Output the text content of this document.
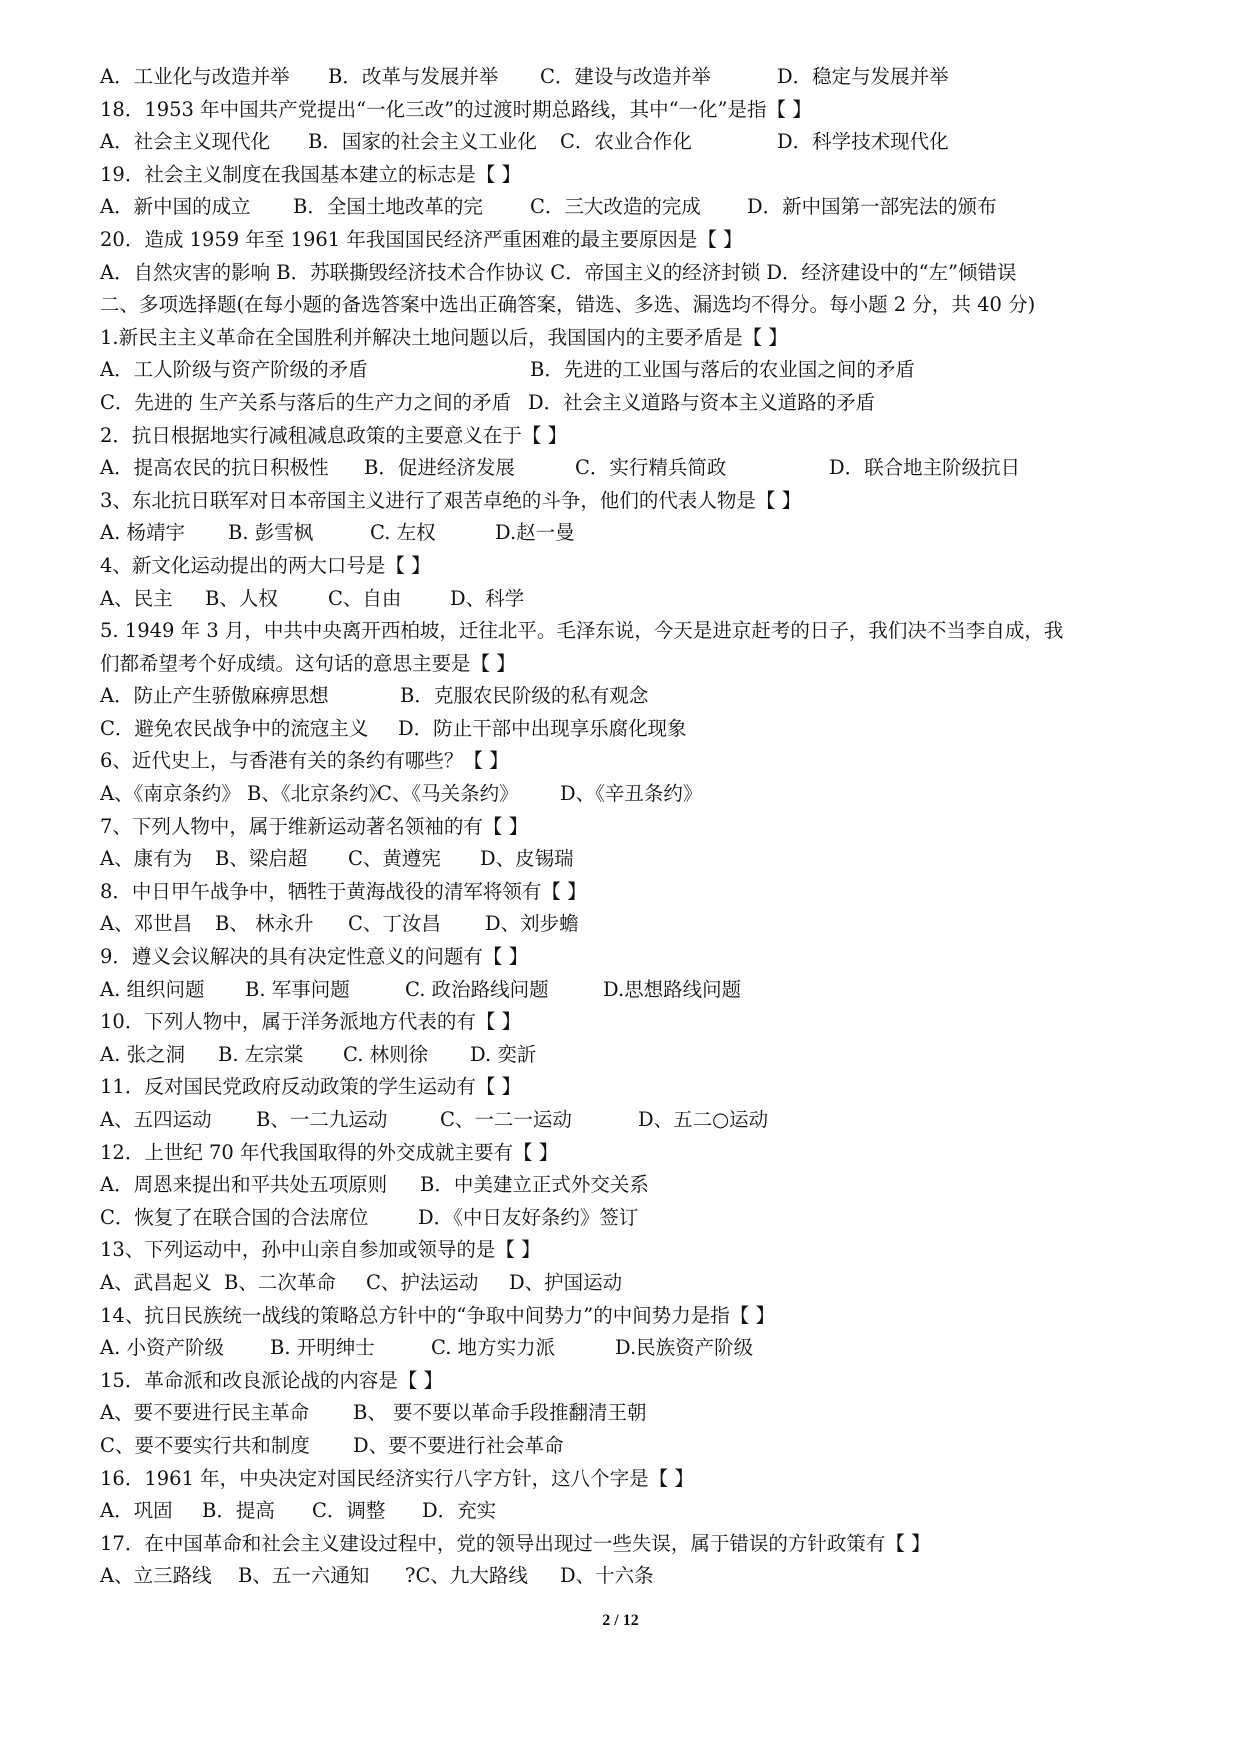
A．工业化与改造并举 B．改革与发展并举 C．建设与改造并举	D．稳定与发展并举
18．1953 年中国共产党提出“一化三改”的过渡时期总路线，其中“一化”是指【 】
A．社会主义现代化 B．国家的社会主义工业化 C．农业合作化	D．科学技术现代化
19．社会主义制度在我国基本建立的标志是【 】
A．新中国的成立 B．全国土地改革的完 C．三大改造的完成 D．新中国第一部宪法的颁布
20．造成 1959 年至 1961 年我国国民经济严重困难的最主要原因是【 】
A．自然灾害的影响 B．苏联撕毁经济技术合作协议 C．帝国主义的经济封锁 D．经济建设中的“左”倾错误
二、多项选择题(在每小题的备选答案中选出正确答案，错选、多选、漏选均不得分。每小题 2 分，共 40 分)
1.新民主主义革命在全国胜利并解决土地问题以后，我国国内的主要矛盾是【 】
A．工人阶级与资产阶级的矛盾	B．先进的工业国与落后的农业国之间的矛盾
C．先进的 生产关系与落后的生产力之间的矛盾 D．社会主义道路与资本主义道路的矛盾
2．抗日根据地实行减租减息政策的主要意义在于【 】
A．提高农民的抗日积极性 B．促进经济发展	C．实行精兵简政	D．联合地主阶级抗日
3、东北抗日联军对日本帝国主义进行了艰苦卓绝的斗争，他们的代表人物是【 】
A. 杨靖宇 B. 彭雪枫	C. 左权	D.赵一曼
4、新文化运动提出的两大口号是【 】
A、民主 B、人权	C、自由 D、科学
5. 1949 年 3 月，中共中央离开西柏坡，迁往北平。毛泽东说，今天是进京赶考的日子，我们决不当李自成，我
们都希望考个好成绩。这句话的意思主要是【 】
A．防止产生骄傲麻痹思想	B．克服农民阶级的私有观念
C．避免农民战争中的流寇主义 D．防止干部中出现享乐腐化现象
6、近代史上，与香港有关的条约有哪些？【 】
A、《南京条约》 B、《北京条约》
C、《马关条约》 D、《辛丑条约》
7、下列人物中，属于维新运动著名领袖的有【 】
A、康有为 B、梁启超 C、黄遵宪 D、皮锡瑞
8．中日甲午战争中，牺牲于黄海战役的清军将领有【 】
A、邓世昌 B、 林永升 C、丁汝昌 D、刘步蟾
9．遵义会议解决的具有决定性意义的问题有【 】
A. 组织问题 B. 军事问题	C. 政治路线问题	D.思想路线问题
10．下列人物中，属于洋务派地方代表的有【 】
A. 张之洞 B. 左宗棠 C. 林则徐 D. 奕訢
11．反对国民党政府反动政策的学生运动有【 】
A、五四运动 B、一二九运动	C、一二一运动	D、五二○运动
12．上世纪 70 年代我国取得的外交成就主要有【 】
A．周恩来提出和平共处五项原则 B．中美建立正式外交关系
C．恢复了在联合国的合法席位	D．《中日友好条约》签订
13、下列运动中，孙中山亲自参加或领导的是【 】
A、武昌起义 B、二次革命 C、护法运动 D、护国运动
14、抗日民族统一战线的策略总方针中的“争取中间势力”的中间势力是指【 】
A. 小资产阶级 B. 开明绅士	C. 地方实力派	D.民族资产阶级
15．革命派和改良派论战的内容是【 】
A、要不要进行民主革命 B、 要不要以革命手段推翻清王朝
C、要不要实行共和制度 D、要不要进行社会革命
16．1961 年，中央决定对国民经济实行八字方针，这八个字是【 】
A．巩固 B．提高 C．调整 D．充实
17．在中国革命和社会主义建设过程中，党的领导出现过一些失误，属于错误的方针政策有【 】
A、立三路线 B、五一六通知 ?C、九大路线 D、十六条
2 / 12
